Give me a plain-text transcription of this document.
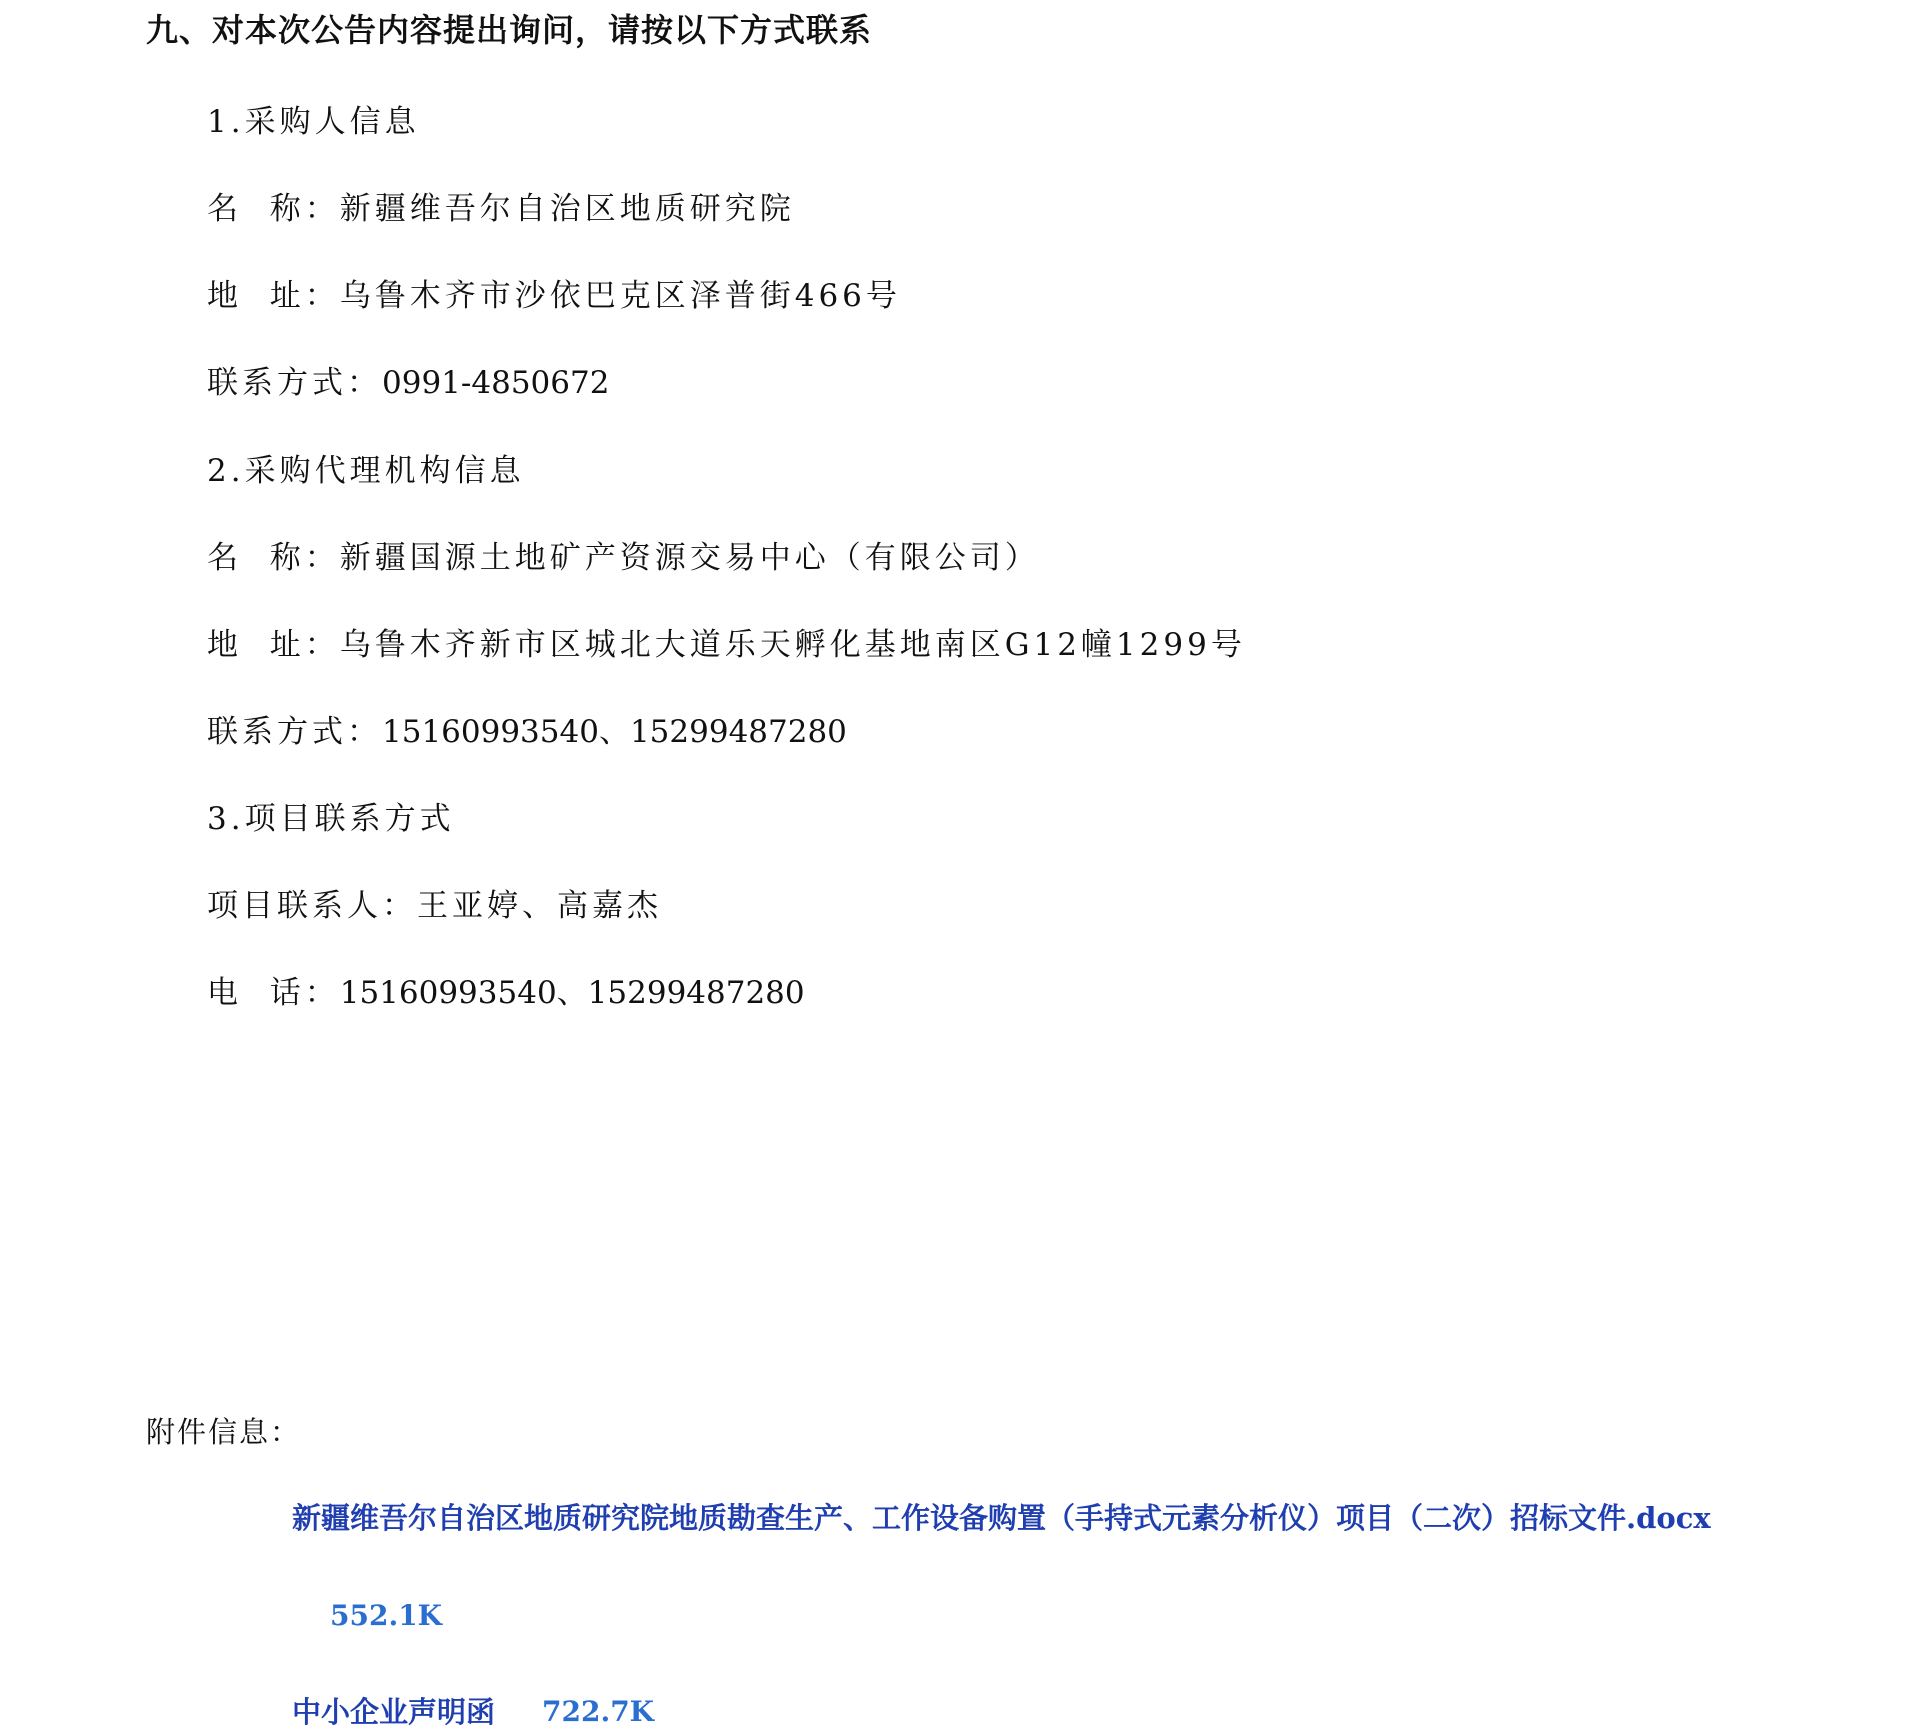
九、对本次公告内容提出询问，请按以下方式联系
1.采购人信息
名  称：新疆维吾尔自治区地质研究院
地  址：乌鲁木齐市沙依巴克区泽普街466号
联系方式：0991-4850672
2.采购代理机构信息
名  称：新疆国源土地矿产资源交易中心（有限公司）
地  址：乌鲁木齐新市区城北大道乐天孵化基地南区G12幢1299号
联系方式：15160993540、15299487280
3.项目联系方式
项目联系人：王亚婷、高嘉杰
电  话：15160993540、15299487280
附件信息：
新疆维吾尔自治区地质研究院地质勘查生产、工作设备购置（手持式元素分析仪）项目（二次）招标文件.docx
552.1K
中小企业声明函 722.7K
